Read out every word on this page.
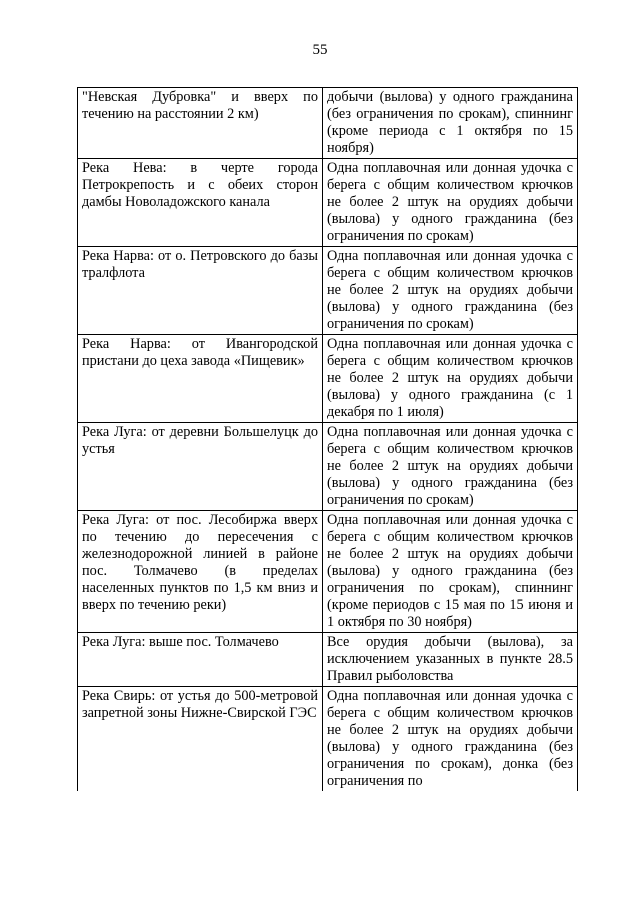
55
"Невская Дубровка" и вверх по течению на расстоянии 2 км)	добычи (вылова) у одного гражданина (без ограничения по срокам), спиннинг (кроме периода с 1 октября по 15 ноября)
Река Нева: в черте города Петрокрепость и с обеих сторон дамбы Новоладожского канала	Одна поплавочная или донная удочка с берега с общим количеством крючков не более 2 штук на орудиях добычи (вылова) у одного гражданина (без ограничения по срокам)
Река Нарва: от о. Петровского до базы тралфлота	Одна поплавочная или донная удочка с берега с общим количеством крючков не более 2 штук на орудиях добычи (вылова) у одного гражданина (без ограничения по срокам)
Река Нарва: от Ивангородской пристани до цеха завода «Пищевик»	Одна поплавочная или донная удочка с берега с общим количеством крючков не более 2 штук на орудиях добычи (вылова) у одного гражданина (с 1 декабря по 1 июля)
Река Луга: от деревни Большелуцк до устья	Одна поплавочная или донная удочка с берега с общим количеством крючков не более 2 штук на орудиях добычи (вылова) у одного гражданина (без ограничения по срокам)
Река Луга: от пос. Лесобиржа вверх по течению до пересечения с железнодорожной линией в районе пос. Толмачево (в пределах населенных пунктов по 1,5 км вниз и вверх по течению реки)	Одна поплавочная или донная удочка с берега с общим количеством крючков не более 2 штук на орудиях добычи (вылова) у одного гражданина (без ограничения по срокам), спиннинг (кроме периодов с 15 мая по 15 июня и 1 октября по 30 ноября)
Река Луга: выше пос. Толмачево	Все орудия добычи (вылова), за исключением указанных в пункте 28.5 Правил рыболовства
Река Свирь: от устья до 500-метровой запретной зоны Нижне-Свирской ГЭС	Одна поплавочная или донная удочка с берега с общим количеством крючков не более 2 штук на орудиях добычи (вылова) у одного гражданина (без ограничения по срокам), донка (без ограничения по
